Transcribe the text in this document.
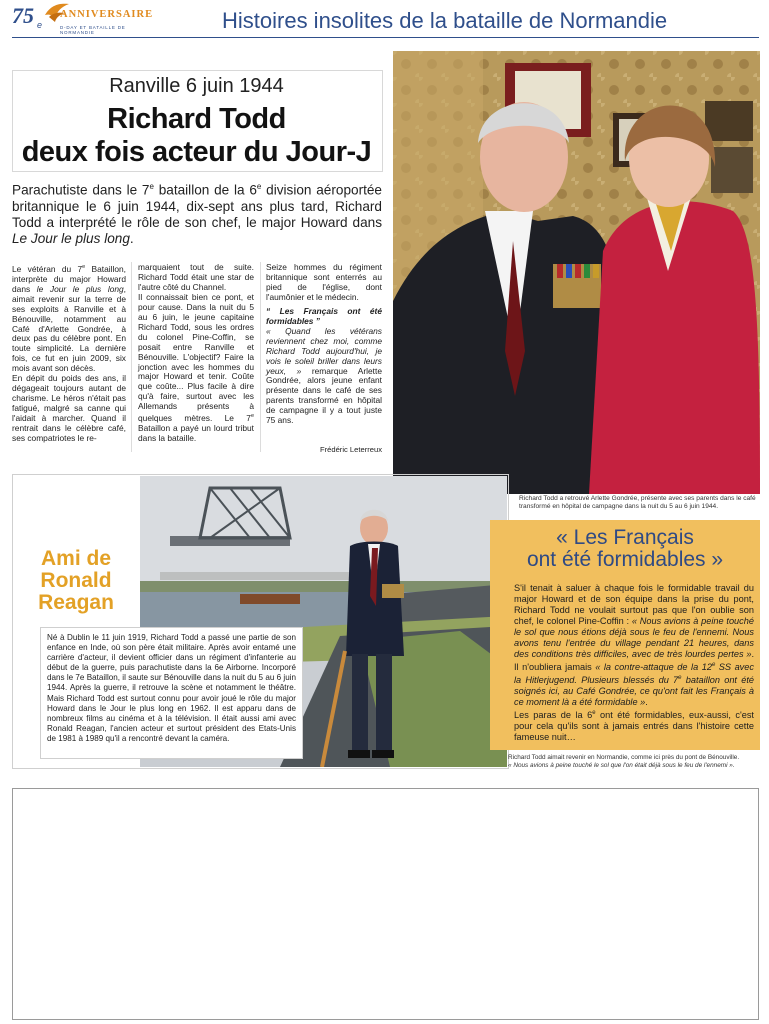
75 e
ANNIVERSAIRE
D-DAY ET BATAILLE DE NORMANDIE	Histoires insolites de la bataille de Normandie
Ranville 6 juin 1944
Richard Todd
deux fois acteur du Jour-J
Parachutiste dans le 7e bataillon de la 6e division aéroportée britannique le 6 juin 1944, dix-sept ans plus tard, Richard Todd a interprété le rôle de son chef, le major Howard dans Le Jour le plus long.

Le vétéran du 7e Bataillon, interprète du major Howard dans le Jour le plus long, aimait revenir sur la terre de ses exploits à Ranville et à Bénouville, notamment au Café d'Arlette Gondrée, à deux pas du célèbre pont. En toute simplicité. La dernière fois, ce fut en juin 2009, six mois avant son décès.

En dépit du poids des ans, il dégageait toujours autant de charisme. Le héros n'était pas fatigué, malgré sa canne qui l'aidait à marcher. Quand il rentrait dans le célèbre café, ses compatriotes le re-

marquaient tout de suite. Richard Todd était une star de l'autre côté du Channel.

Il connaissait bien ce pont, et pour cause. Dans la nuit du 5 au 6 juin, le jeune capitaine Richard Todd, sous les ordres du colonel Pine-Coffin, se posait entre Ranville et Bénouville. L'objectif? Faire la jonction avec les hommes du major Howard et tenir. Coûte que coûte... Plus facile à dire qu'à faire, surtout avec les Allemands présents à quelques mètres. Le 7e Bataillon a payé un lourd tribut dans la bataille.

Seize hommes du régiment britannique sont enterrés au pied de l'église, dont l'aumônier et le médecin.

“ Les Français ont été formidables ”

« Quand les vétérans reviennent chez moi, comme Richard Todd aujourd'hui, je vois le soleil briller dans leurs yeux, » remarque Arlette Gondrée, alors jeune enfant présente dans le café de ses parents transformé en hôpital de campagne il y a tout juste 75 ans.

Frédéric Leterreux
Richard Todd a retrouvé Arlette Gondrée, présente avec ses parents dans le café transformé en hôpital de campagne dans la nuit du 5 au 6 juin 1944.
Ami de
Ronald
Reagan
Né à Dublin le 11 juin 1919, Richard Todd a passé une partie de son enfance en Inde, où son père était militaire. Après avoir entamé une carrière d'acteur, il devient officier dans un régiment d'infanterie au début de la guerre, puis parachutiste dans la 6e Airborne. Incorporé dans le 7e Bataillon, il saute sur Bénouville dans la nuit du 5 au 6 juin 1944. Après la guerre, il retrouve la scène et notamment le théâtre. Mais Richard Todd est surtout connu pour avoir joué le rôle du major Howard dans le Jour le plus long en 1962. Il est apparu dans de nombreux films au cinéma et à la télévision. Il était aussi ami avec Ronald Reagan, l'ancien acteur et surtout président des Etats-Unis de 1981 à 1989 qu'il a rencontré devant la caméra.
Richard Todd aimait revenir en Normandie, comme ici près du pont de Bénouville.
« Nous avions à peine touché le sol que l'on était déjà sous le feu de l'ennemi ».
« Les Français
ont été formidables »
S'il tenait à saluer à chaque fois le formidable travail du major Howard et de son équipe dans la prise du pont, Richard Todd ne voulait surtout pas que l'on oublie son chef, le colonel Pine-Coffin : « Nous avions à peine touché le sol que nous étions déjà sous le feu de l'ennemi. Nous avons tenu l'entrée du village pendant 21 heures, dans des conditions très difficiles, avec de très lourdes pertes ». Il n'oubliera jamais « la contre-attaque de la 12e SS avec la Hitlerjugend. Plusieurs blessés du 7e bataillon ont été soignés ici, au Café Gondrée, ce qu'ont fait les Français à ce moment là a été formidable ».
Les paras de la 6e ont été formidables, eux-aussi, c'est pour cela qu'ils sont à jamais entrés dans l'histoire cette fameuse nuit…
